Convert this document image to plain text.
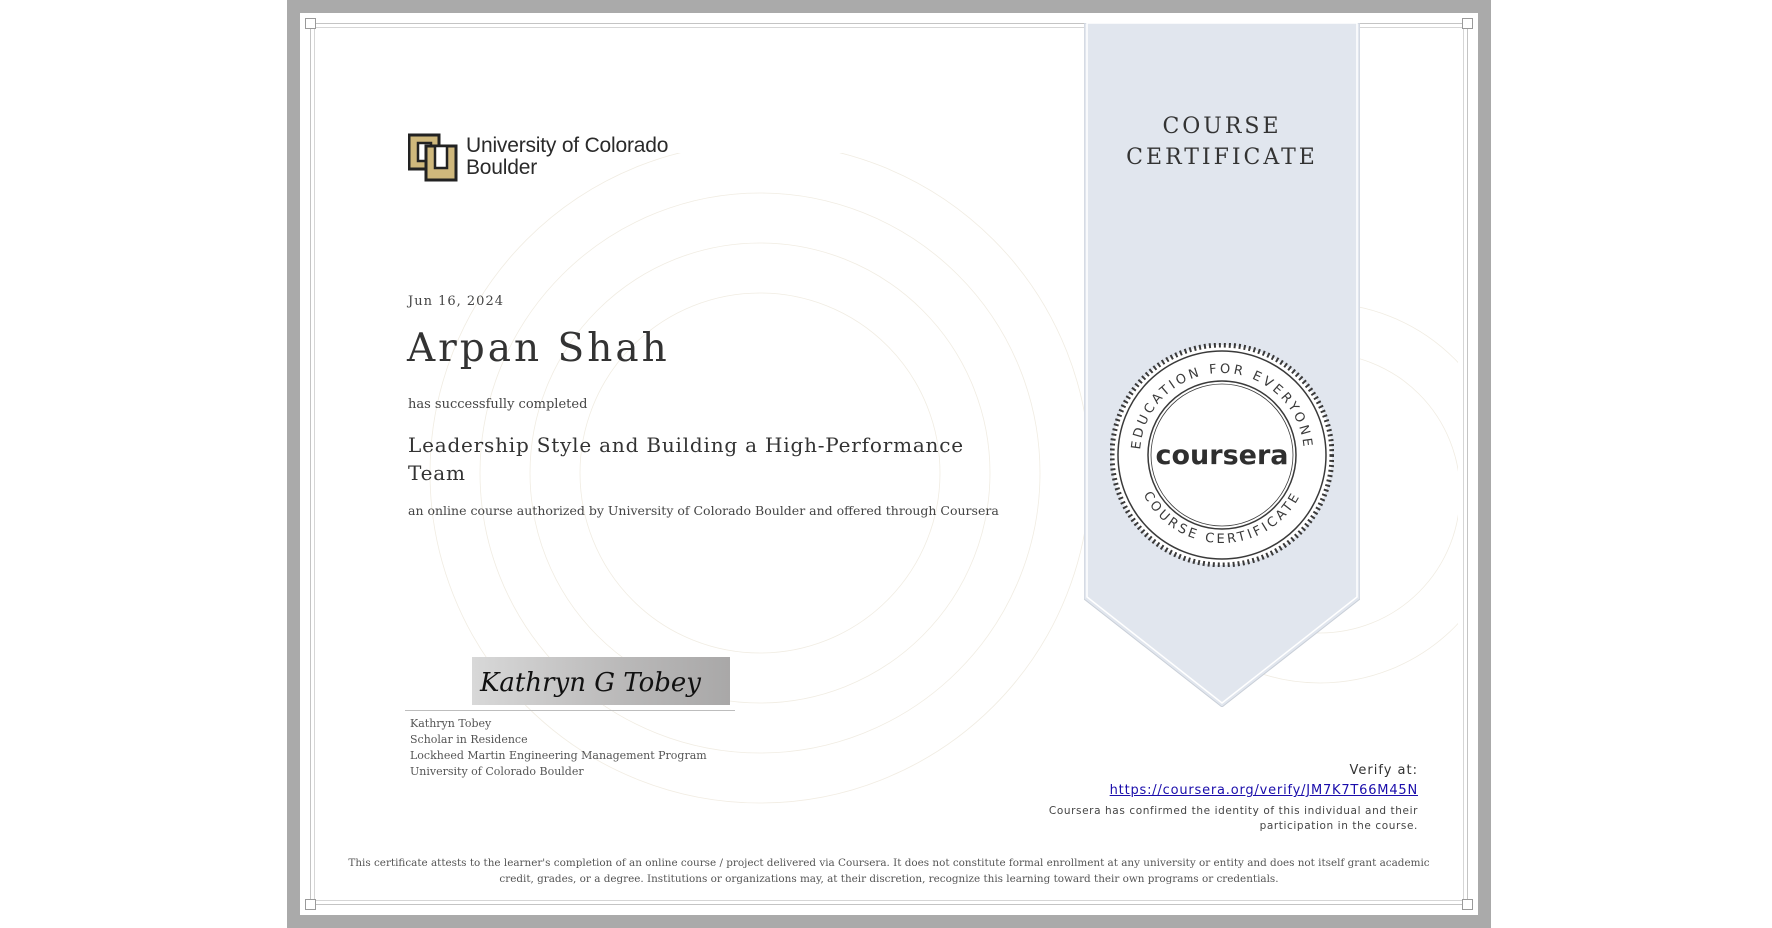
University of Colorado
Boulder
Jun 16, 2024
Arpan Shah
has successfully completed
Leadership Style and Building a High-Performance Team
an online course authorized by University of Colorado Boulder and offered through Coursera
Kathryn G Tobey
Kathryn Tobey
Scholar in Residence
Lockheed Martin Engineering Management Program
University of Colorado Boulder
COURSE
CERTIFICATE
EDUCATION FOR EVERYONE
COURSE CERTIFICATE
coursera
Verify at:
https://coursera.org/verify/JM7K7T66M45N
Coursera has confirmed the identity of this individual and their participation in the course.
This certificate attests to the learner's completion of an online course / project delivered via Coursera. It does not constitute formal enrollment at any university or entity and does not itself grant academic credit, grades, or a degree. Institutions or organizations may, at their discretion, recognize this learning toward their own programs or credentials.
